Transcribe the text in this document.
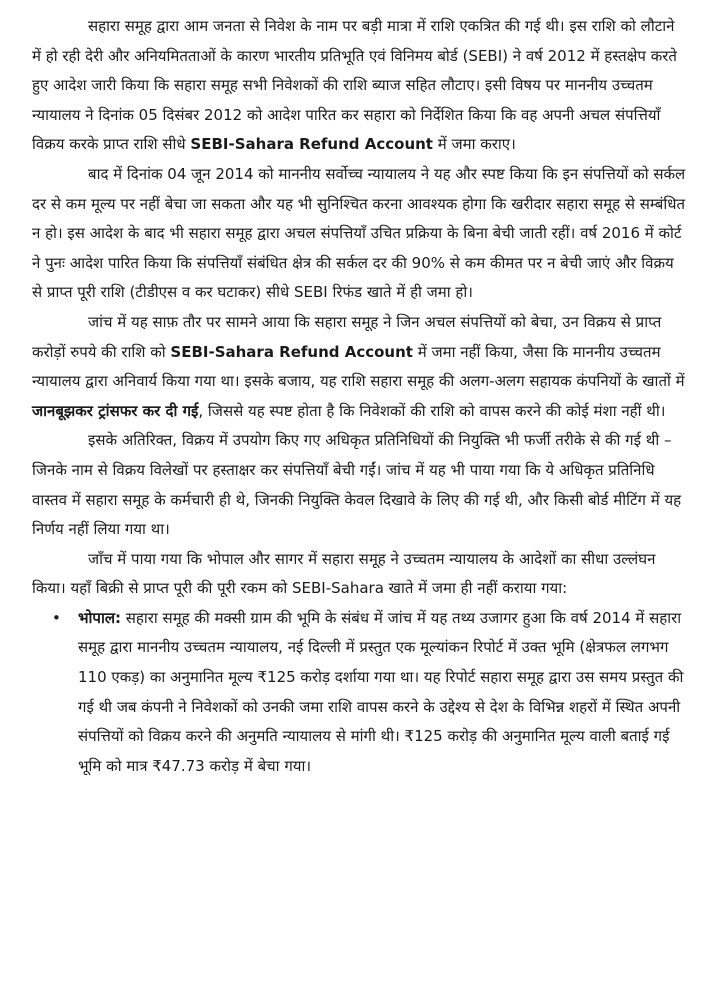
सहारा समूह द्वारा आम जनता से निवेश के नाम पर बड़ी मात्रा में राशि एकत्रित की गई थी। इस राशि को लौटाने में हो रही देरी और अनियमितताओं के कारण भारतीय प्रतिभूति एवं विनिमय बोर्ड (SEBI) ने वर्ष 2012 में हस्तक्षेप करते हुए आदेश जारी किया कि सहारा समूह सभी निवेशकों की राशि ब्याज सहित लौटाए। इसी विषय पर माननीय उच्चतम न्यायालय ने दिनांक 05 दिसंबर 2012 को आदेश पारित कर सहारा को निर्देशित किया कि वह अपनी अचल संपत्तियाँ विक्रय करके प्राप्त राशि सीधे SEBI-Sahara Refund Account में जमा कराए।

बाद में दिनांक 04 जून 2014 को माननीय सर्वोच्च न्यायालय ने यह और स्पष्ट किया कि इन संपत्तियों को सर्कल दर से कम मूल्य पर नहीं बेचा जा सकता और यह भी सुनिश्चित करना आवश्यक होगा कि खरीदार सहारा समूह से सम्बंधित न हो। इस आदेश के बाद भी सहारा समूह द्वारा अचल संपत्तियाँ उचित प्रक्रिया के बिना बेची जाती रहीं। वर्ष 2016 में कोर्ट ने पुनः आदेश पारित किया कि संपत्तियाँ संबंधित क्षेत्र की सर्कल दर की 90% से कम कीमत पर न बेची जाएं और विक्रय से प्राप्त पूरी राशि (टीडीएस व कर घटाकर) सीधे SEBI रिफंड खाते में ही जमा हो।

जांच में यह साफ़ तौर पर सामने आया कि सहारा समूह ने जिन अचल संपत्तियों को बेचा, उन विक्रय से प्राप्त करोड़ों रुपये की राशि को SEBI-Sahara Refund Account में जमा नहीं किया, जैसा कि माननीय उच्चतम न्यायालय द्वारा अनिवार्य किया गया था। इसके बजाय, यह राशि सहारा समूह की अलग-अलग सहायक कंपनियों के खातों में जानबूझकर ट्रांसफर कर दी गई, जिससे यह स्पष्ट होता है कि निवेशकों की राशि को वापस करने की कोई मंशा नहीं थी।

इसके अतिरिक्त, विक्रय में उपयोग किए गए अधिकृत प्रतिनिधियों की नियुक्ति भी फर्जी तरीके से की गई थी – जिनके नाम से विक्रय विलेखों पर हस्ताक्षर कर संपत्तियाँ बेची गईं। जांच में यह भी पाया गया कि ये अधिकृत प्रतिनिधि वास्तव में सहारा समूह के कर्मचारी ही थे, जिनकी नियुक्ति केवल दिखावे के लिए की गई थी, और किसी बोर्ड मीटिंग में यह निर्णय नहीं लिया गया था।

जाँच में पाया गया कि भोपाल और सागर में सहारा समूह ने उच्चतम न्यायालय के आदेशों का सीधा उल्लंघन किया। यहाँ बिक्री से प्राप्त पूरी की पूरी रकम को SEBI-Sahara खाते में जमा ही नहीं कराया गया:

•	भोपाल: सहारा समूह की मक्सी ग्राम की भूमि के संबंध में जांच में यह तथ्य उजागर हुआ कि वर्ष 2014 में सहारा समूह द्वारा माननीय उच्चतम न्यायालय, नई दिल्ली में प्रस्तुत एक मूल्यांकन रिपोर्ट में उक्त भूमि (क्षेत्रफल लगभग 110 एकड़) का अनुमानित मूल्य ₹125 करोड़ दर्शाया गया था। यह रिपोर्ट सहारा समूह द्वारा उस समय प्रस्तुत की गई थी जब कंपनी ने निवेशकों को उनकी जमा राशि वापस करने के उद्देश्य से देश के विभिन्न शहरों में स्थित अपनी संपत्तियों को विक्रय करने की अनुमति न्यायालय से मांगी थी। ₹125 करोड़ की अनुमानित मूल्य वाली बताई गई भूमि को मात्र ₹47.73 करोड़ में बेचा गया।
